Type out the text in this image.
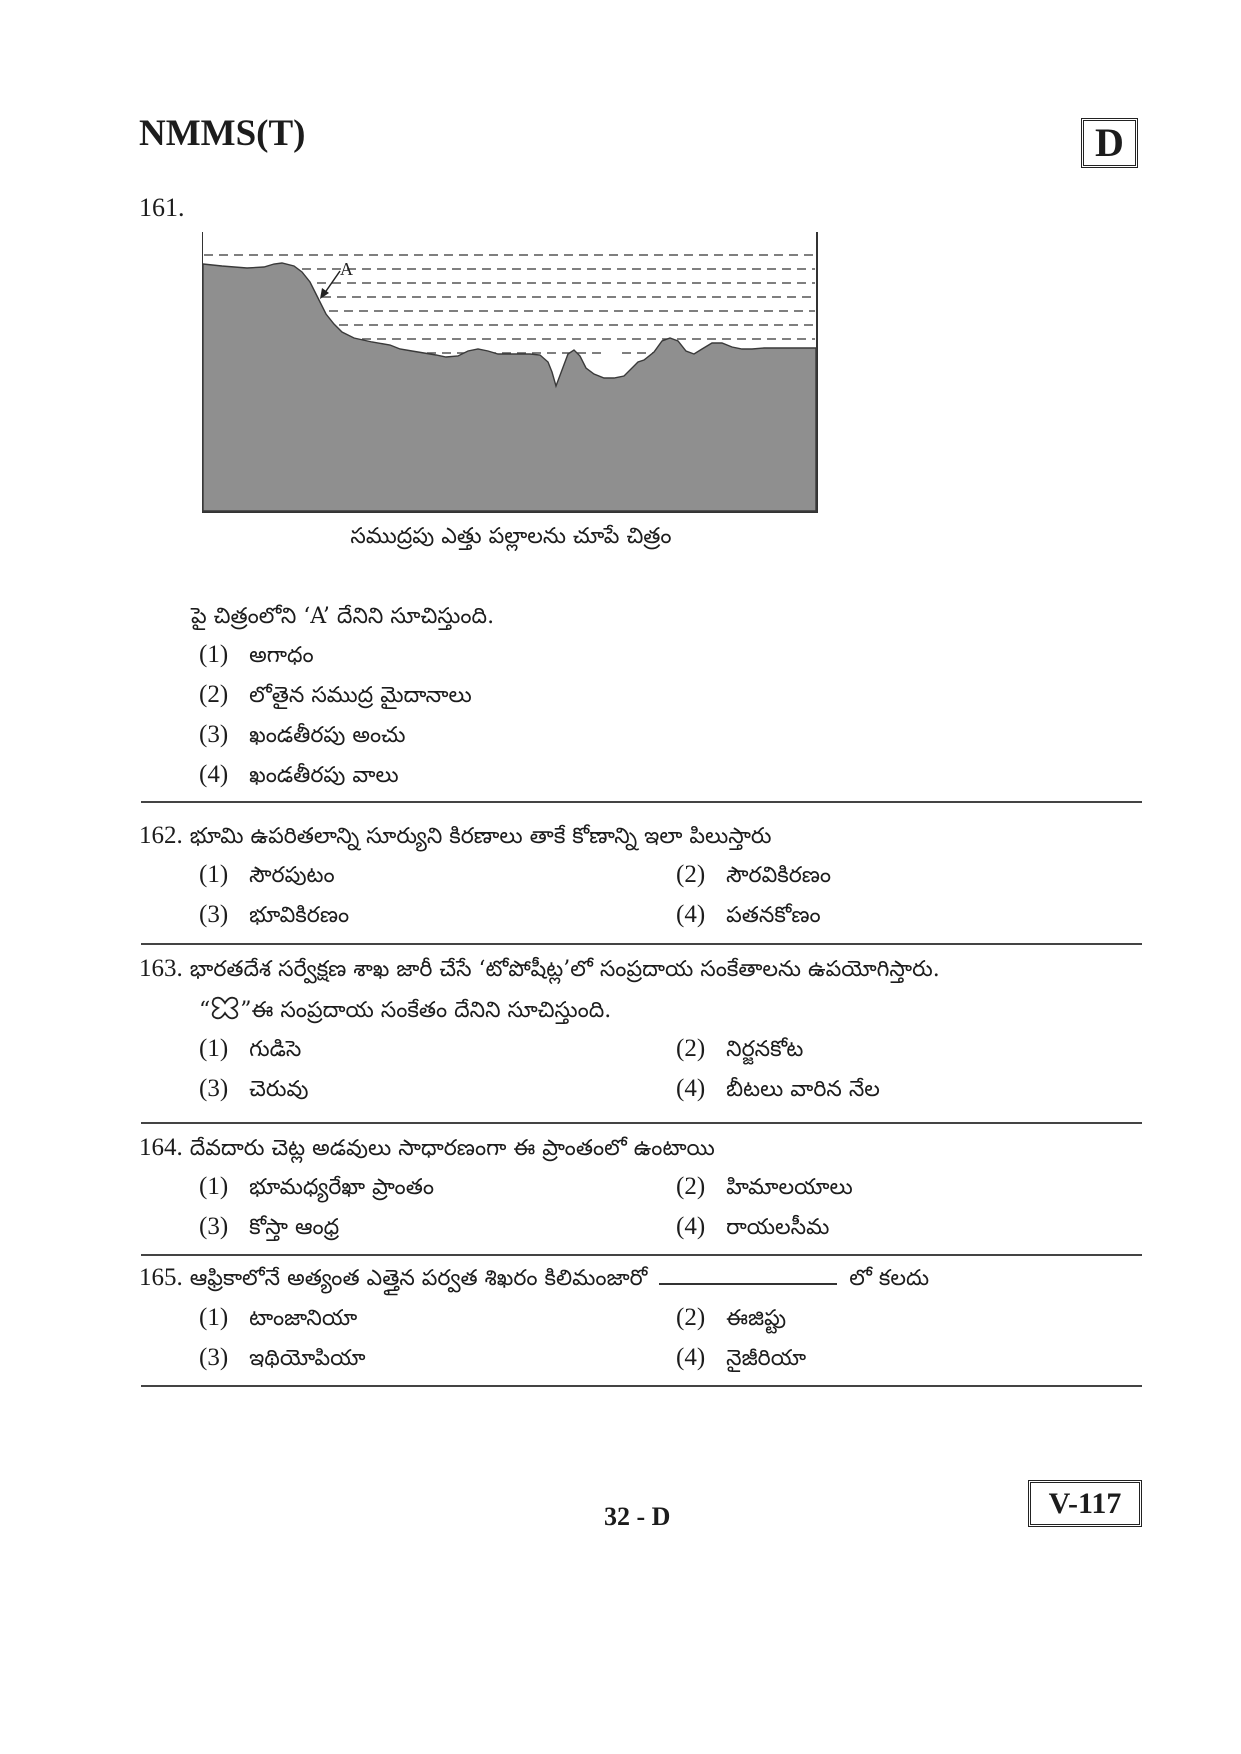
NMMS(T)	D
161.
A
సముద్రపు ఎత్తు పల్లాలను చూపే చిత్రం
పై చిత్రంలోని ‘A’ దేనిని సూచిస్తుంది.
(1) అగాధం
(2) లోతైన సముద్ర మైదానాలు
(3) ఖండతీరపు అంచు
(4) ఖండతీరపు వాలు
162. భూమి ఉపరితలాన్ని సూర్యుని కిరణాలు తాకే కోణాన్ని ఇలా పిలుస్తారు
(1) సౌరపుటం	(2) సౌరవికిరణం
(3) భూవికిరణం	(4) పతనకోణం
163. భారతదేశ సర్వేక్షణ శాఖ జారీ చేసే ‘టోపోషీట్ల’లో సంప్రదాయ సంకేతాలను ఉపయోగిస్తారు.
“ ”ఈ సంప్రదాయ సంకేతం దేనిని సూచిస్తుంది.
(1) గుడిసె	(2) నిర్జనకోట
(3) చెరువు	(4) బీటలు వారిన నేల
164. దేవదారు చెట్ల అడవులు సాధారణంగా ఈ ప్రాంతంలో ఉంటాయి
(1) భూమధ్యరేఖా ప్రాంతం	(2) హిమాలయాలు
(3) కోస్తా ఆంధ్ర	(4) రాయలసీమ
165. ఆఫ్రికాలోనే అత్యంత ఎత్తైన పర్వత శిఖరం కిలిమంజారో	లో కలదు
(1) టాంజానియా	(2) ఈజిప్టు
(3) ఇథియోపియా	(4) నైజీరియా
32 - D	V-117
